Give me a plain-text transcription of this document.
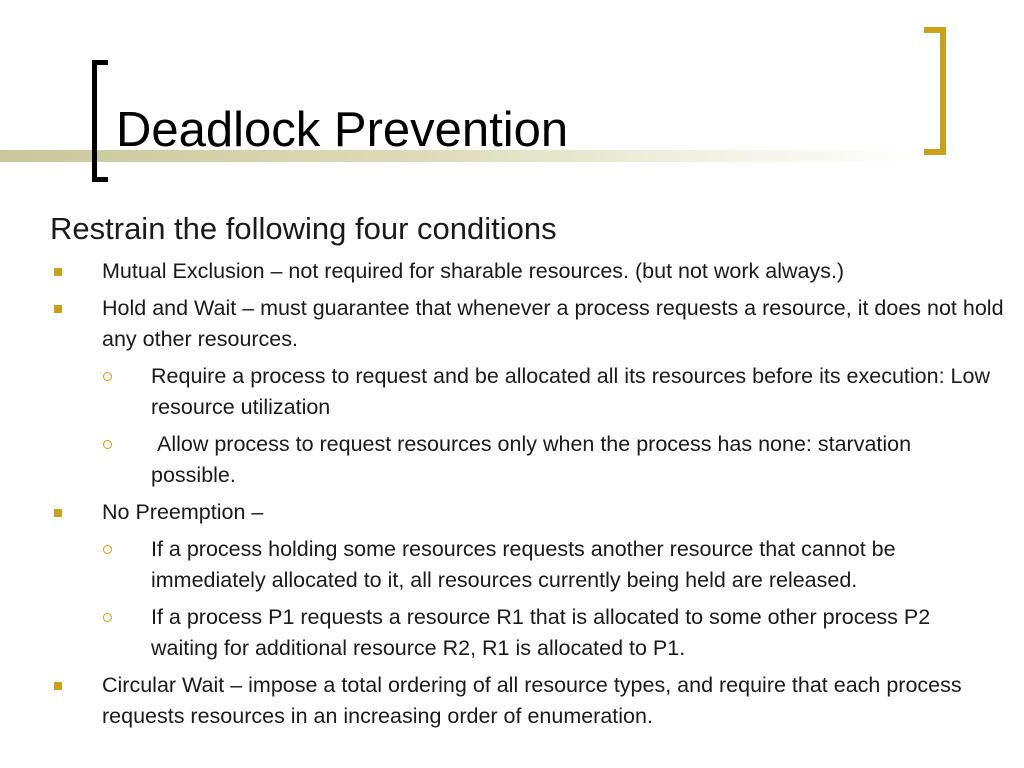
Deadlock Prevention
Restrain the following four conditions
Mutual Exclusion – not required for sharable resources. (but not work always.)
Hold and Wait – must guarantee that whenever a process requests a resource, it does not hold any other resources.
Require a process to request and be allocated all its resources before its execution: Low resource utilization
Allow process to request resources only when the process has none: starvation possible.
No Preemption –
If a process holding some resources requests another resource that cannot be immediately allocated to it, all resources currently being held are released.
If a process P1 requests a resource R1 that is allocated to some other process P2 waiting for additional resource R2, R1 is allocated to P1.
Circular Wait – impose a total ordering of all resource types, and require that each process requests resources in an increasing order of enumeration.
